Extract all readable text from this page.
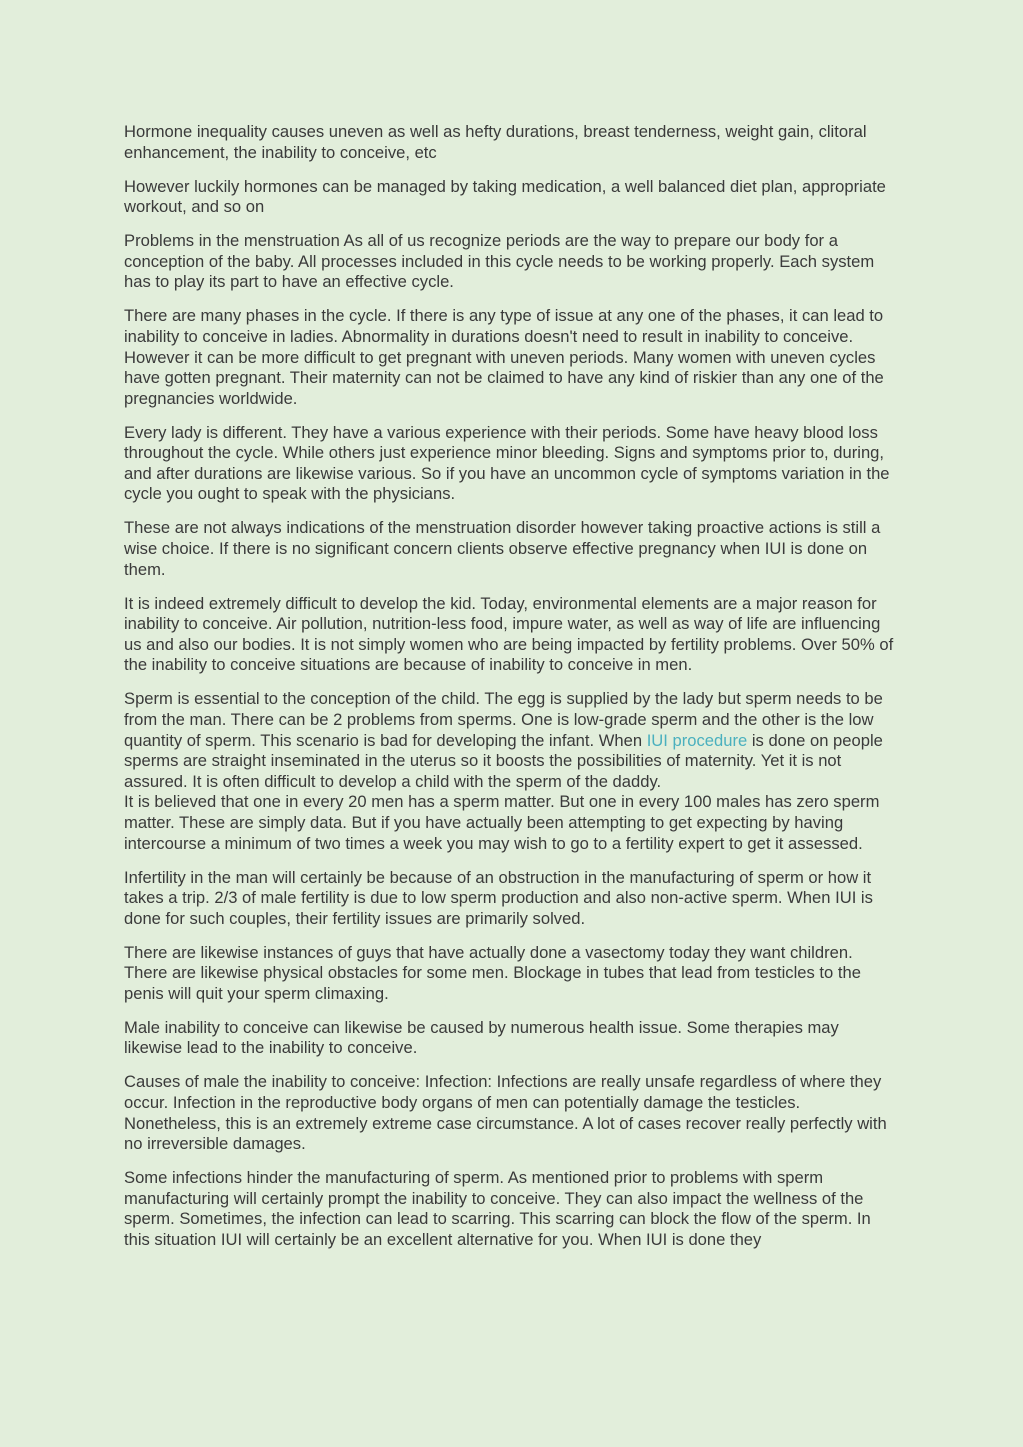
Hormone inequality causes uneven as well as hefty durations, breast tenderness, weight gain, clitoral enhancement, the inability to conceive, etc

However luckily hormones can be managed by taking medication, a well balanced diet plan, appropriate workout, and so on

Problems in the menstruation As all of us recognize periods are the way to prepare our body for a conception of the baby. All processes included in this cycle needs to be working properly. Each system has to play its part to have an effective cycle.

There are many phases in the cycle. If there is any type of issue at any one of the phases, it can lead to inability to conceive in ladies. Abnormality in durations doesn't need to result in inability to conceive. However it can be more difficult to get pregnant with uneven periods. Many women with uneven cycles have gotten pregnant. Their maternity can not be claimed to have any kind of riskier than any one of the pregnancies worldwide.

Every lady is different. They have a various experience with their periods. Some have heavy blood loss throughout the cycle. While others just experience minor bleeding. Signs and symptoms prior to, during, and after durations are likewise various. So if you have an uncommon cycle of symptoms variation in the cycle you ought to speak with the physicians.

These are not always indications of the menstruation disorder however taking proactive actions is still a wise choice. If there is no significant concern clients observe effective pregnancy when IUI is done on them.

It is indeed extremely difficult to develop the kid. Today, environmental elements are a major reason for inability to conceive. Air pollution, nutrition-less food, impure water, as well as way of life are influencing us and also our bodies. It is not simply women who are being impacted by fertility problems. Over 50% of the inability to conceive situations are because of inability to conceive in men.

Sperm is essential to the conception of the child. The egg is supplied by the lady but sperm needs to be from the man. There can be 2 problems from sperms. One is low-grade sperm and the other is the low quantity of sperm. This scenario is bad for developing the infant. When IUI procedure is done on people sperms are straight inseminated in the uterus so it boosts the possibilities of maternity. Yet it is not assured. It is often difficult to develop a child with the sperm of the daddy.

It is believed that one in every 20 men has a sperm matter. But one in every 100 males has zero sperm matter. These are simply data. But if you have actually been attempting to get expecting by having intercourse a minimum of two times a week you may wish to go to a fertility expert to get it assessed.

Infertility in the man will certainly be because of an obstruction in the manufacturing of sperm or how it takes a trip. 2/3 of male fertility is due to low sperm production and also non-active sperm. When IUI is done for such couples, their fertility issues are primarily solved.

There are likewise instances of guys that have actually done a vasectomy today they want children. There are likewise physical obstacles for some men. Blockage in tubes that lead from testicles to the penis will quit your sperm climaxing.

Male inability to conceive can likewise be caused by numerous health issue. Some therapies may likewise lead to the inability to conceive.

Causes of male the inability to conceive: Infection: Infections are really unsafe regardless of where they occur. Infection in the reproductive body organs of men can potentially damage the testicles. Nonetheless, this is an extremely extreme case circumstance. A lot of cases recover really perfectly with no irreversible damages.

Some infections hinder the manufacturing of sperm. As mentioned prior to problems with sperm manufacturing will certainly prompt the inability to conceive. They can also impact the wellness of the sperm. Sometimes, the infection can lead to scarring. This scarring can block the flow of the sperm. In this situation IUI will certainly be an excellent alternative for you. When IUI is done they
